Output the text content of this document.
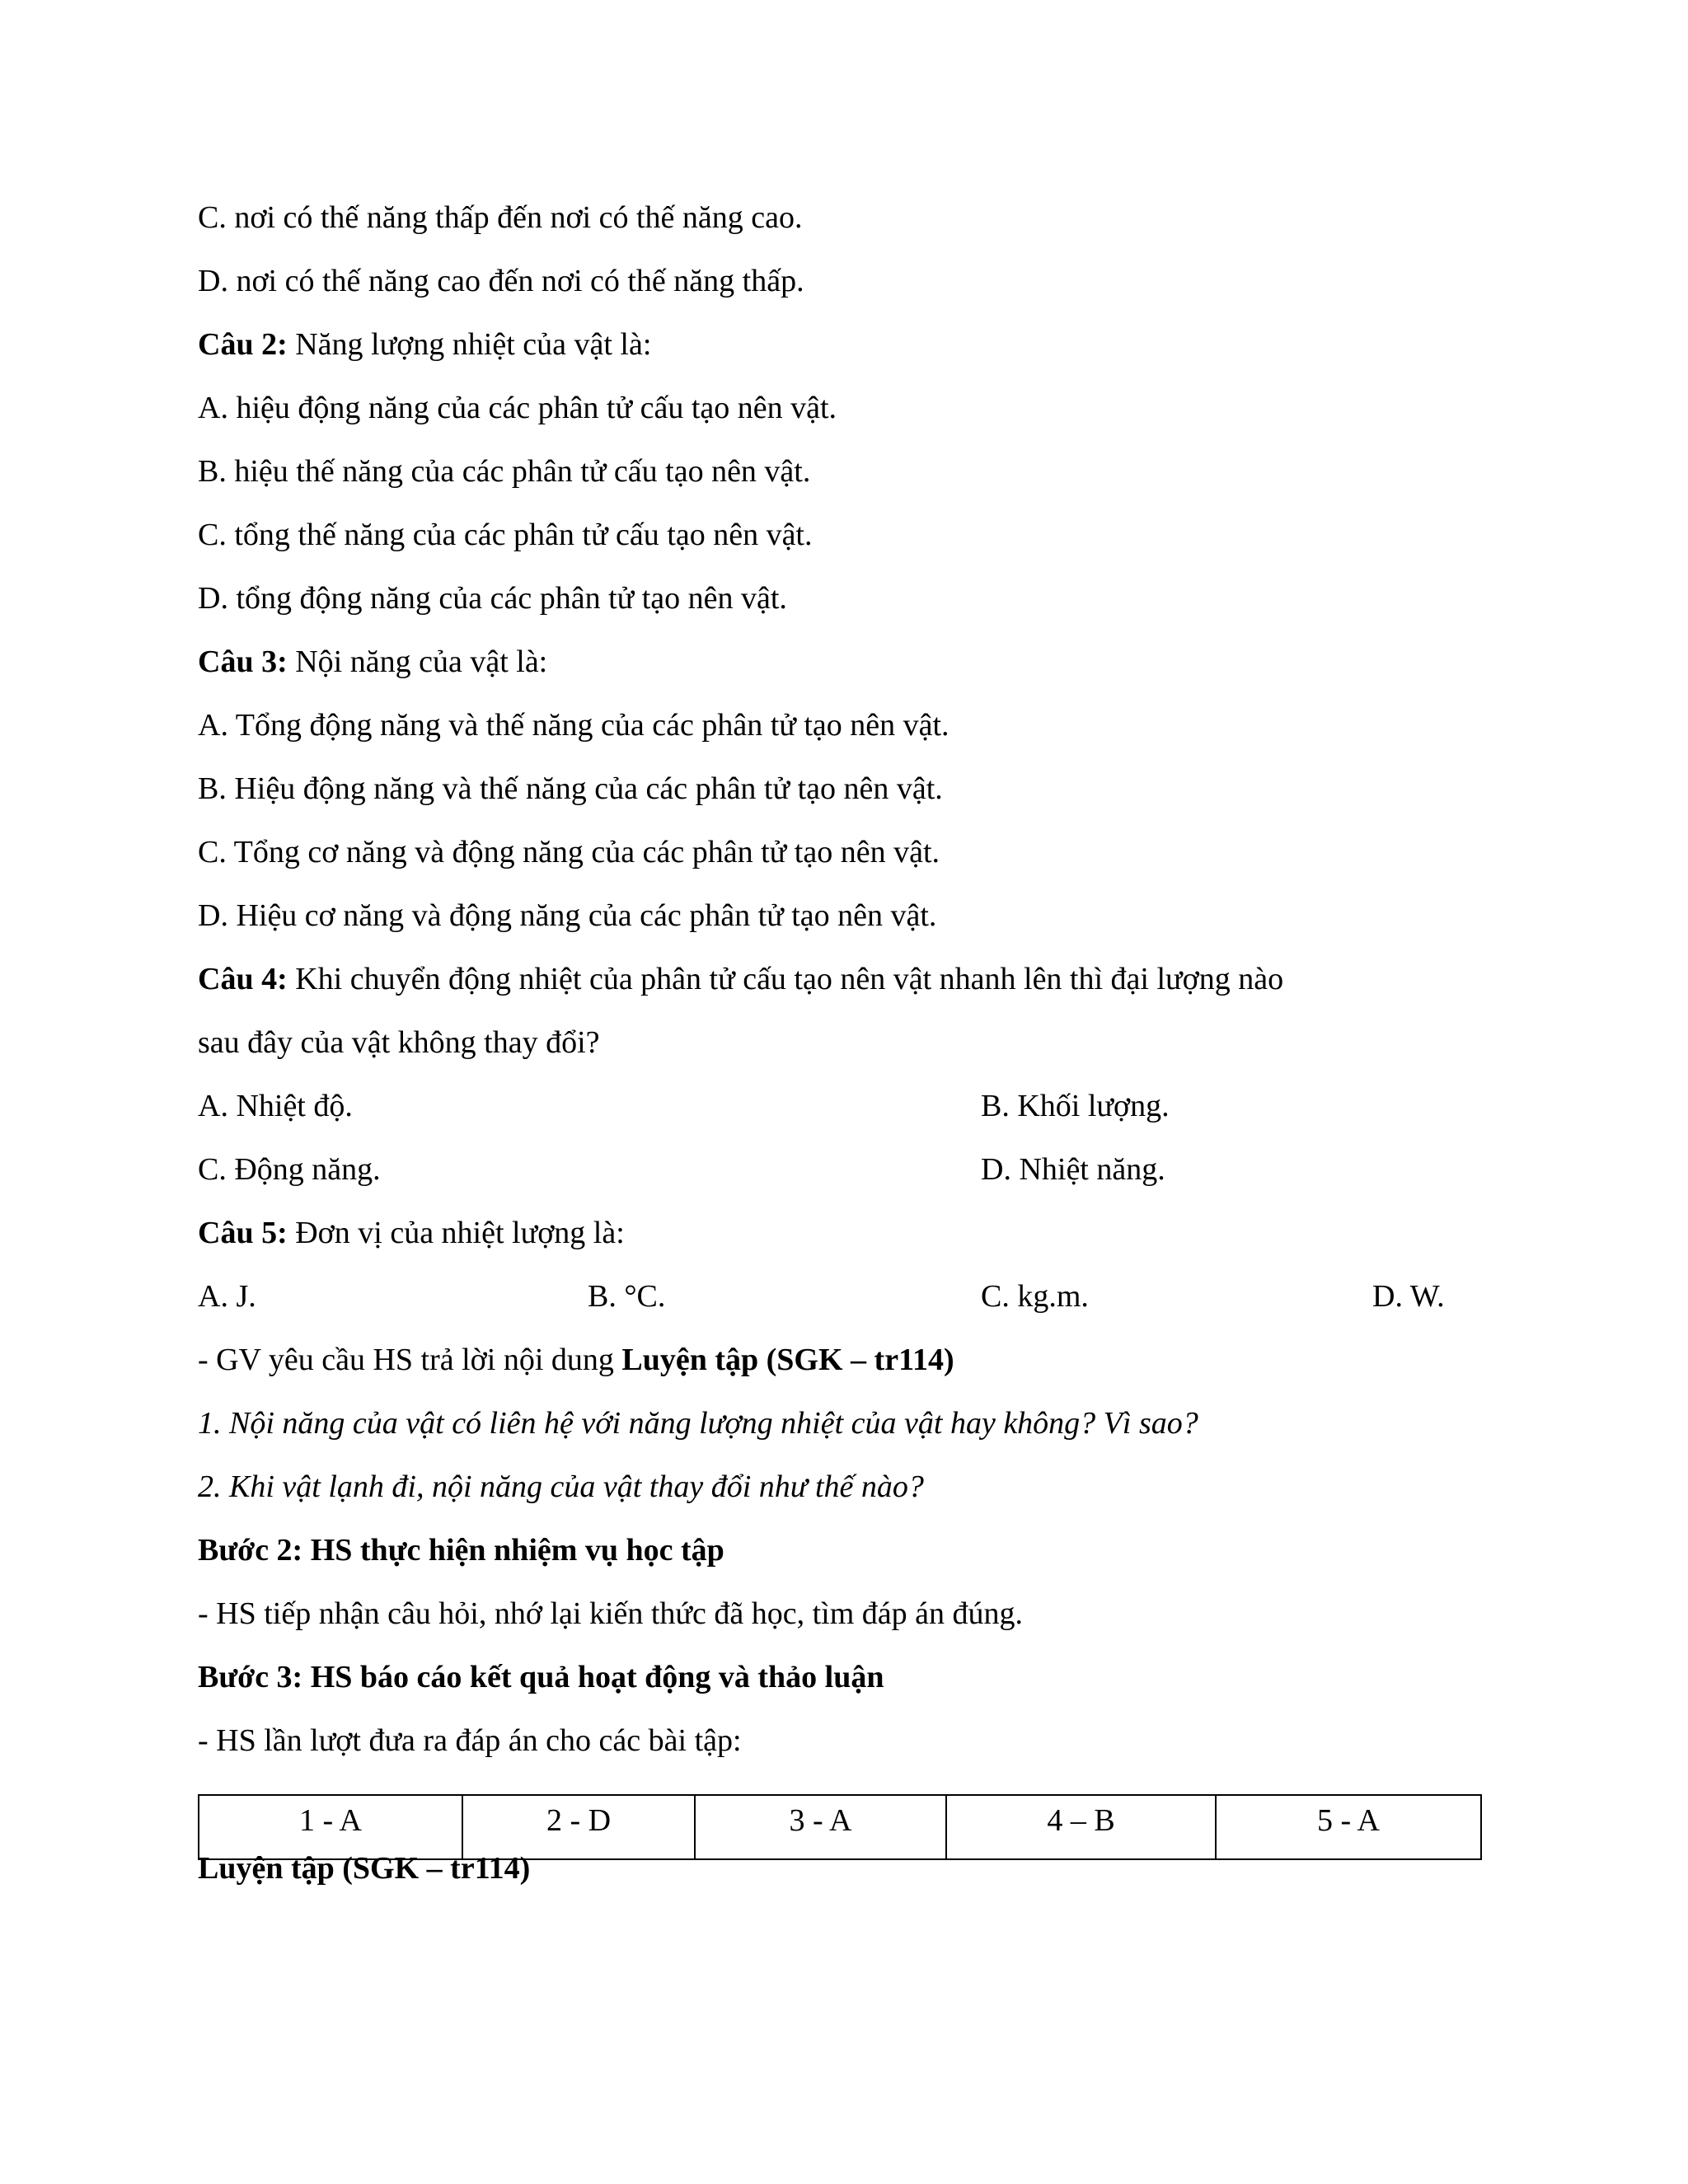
C. nơi có thế năng thấp đến nơi có thế năng cao.
D. nơi có thế năng cao đến nơi có thế năng thấp.
Câu 2: Năng lượng nhiệt của vật là:
A. hiệu động năng của các phân tử cấu tạo nên vật.
B. hiệu thế năng của các phân tử cấu tạo nên vật.
C. tổng thế năng của các phân tử cấu tạo nên vật.
D. tổng động năng của các phân tử tạo nên vật.
Câu 3: Nội năng của vật là:
A. Tổng động năng và thế năng của các phân tử tạo nên vật.
B. Hiệu động năng và thế năng của các phân tử tạo nên vật.
C. Tổng cơ năng và động năng của các phân tử tạo nên vật.
D. Hiệu cơ năng và động năng của các phân tử tạo nên vật.
Câu 4: Khi chuyển động nhiệt của phân tử cấu tạo nên vật nhanh lên thì đại lượng nào
sau đây của vật không thay đổi?
A. Nhiệt độ.	B. Khối lượng.
C. Động năng.	D. Nhiệt năng.
Câu 5: Đơn vị của nhiệt lượng là:
A. J.	B. °C.	C. kg.m.	D. W.
- GV yêu cầu HS trả lời nội dung Luyện tập (SGK – tr114)
1. Nội năng của vật có liên hệ với năng lượng nhiệt của vật hay không? Vì sao?
2. Khi vật lạnh đi, nội năng của vật thay đổi như thế nào?
Bước 2: HS thực hiện nhiệm vụ học tập
- HS tiếp nhận câu hỏi, nhớ lại kiến thức đã học, tìm đáp án đúng.
Bước 3: HS báo cáo kết quả hoạt động và thảo luận
- HS lần lượt đưa ra đáp án cho các bài tập:
1 - A	2 - D	3 - A	4 – B	5 - A
Luyện tập (SGK – tr114)
